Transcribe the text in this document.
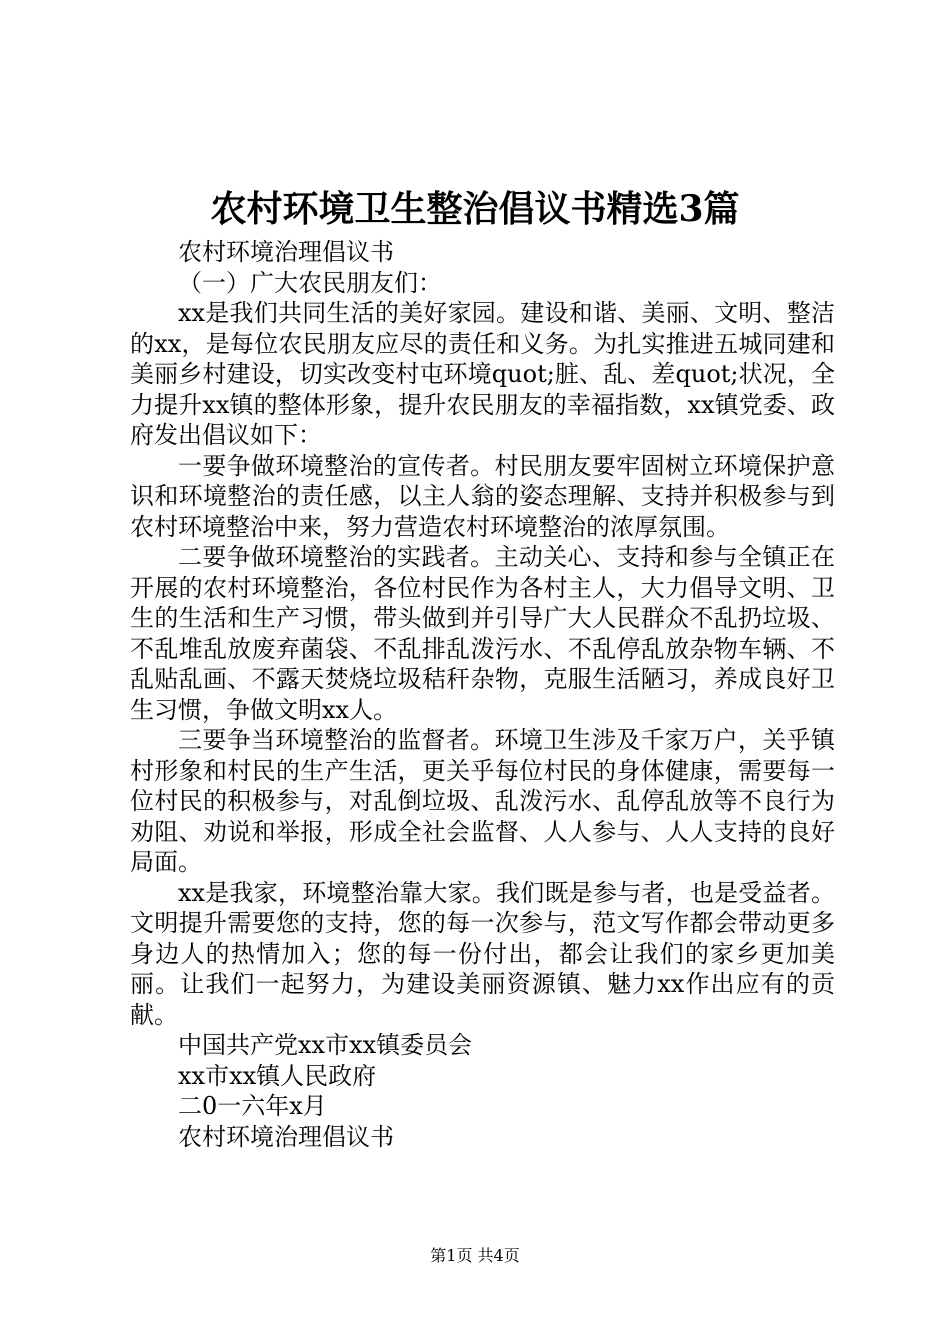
农村环境卫生整治倡议书精选3篇

农村环境治理倡议书

（一）广大农民朋友们：

xx是我们共同生活的美好家园。建设和谐、美丽、文明、整洁的xx，是每位农民朋友应尽的责任和义务。为扎实推进五城同建和美丽乡村建设，切实改变村屯环境quot;脏、乱、差quot;状况，全力提升xx镇的整体形象，提升农民朋友的幸福指数，xx镇党委、政府发出倡议如下：

一要争做环境整治的宣传者。村民朋友要牢固树立环境保护意识和环境整治的责任感，以主人翁的姿态理解、支持并积极参与到农村环境整治中来，努力营造农村环境整治的浓厚氛围。

二要争做环境整治的实践者。主动关心、支持和参与全镇正在开展的农村环境整治，各位村民作为各村主人，大力倡导文明、卫生的生活和生产习惯，带头做到并引导广大人民群众不乱扔垃圾、不乱堆乱放废弃菌袋、不乱排乱泼污水、不乱停乱放杂物车辆、不乱贴乱画、不露天焚烧垃圾秸秆杂物，克服生活陋习，养成良好卫生习惯，争做文明xx人。

三要争当环境整治的监督者。环境卫生涉及千家万户，关乎镇村形象和村民的生产生活，更关乎每位村民的身体健康，需要每一位村民的积极参与，对乱倒垃圾、乱泼污水、乱停乱放等不良行为劝阻、劝说和举报，形成全社会监督、人人参与、人人支持的良好局面。

xx是我家，环境整治靠大家。我们既是参与者，也是受益者。文明提升需要您的支持，您的每一次参与，范文写作都会带动更多身边人的热情加入；您的每一份付出，都会让我们的家乡更加美丽。让我们一起努力，为建设美丽资源镇、魅力xx作出应有的贡献。

中国共产党xx市xx镇委员会

xx市xx镇人民政府

二0一六年x月

农村环境治理倡议书

第1页 共4页
